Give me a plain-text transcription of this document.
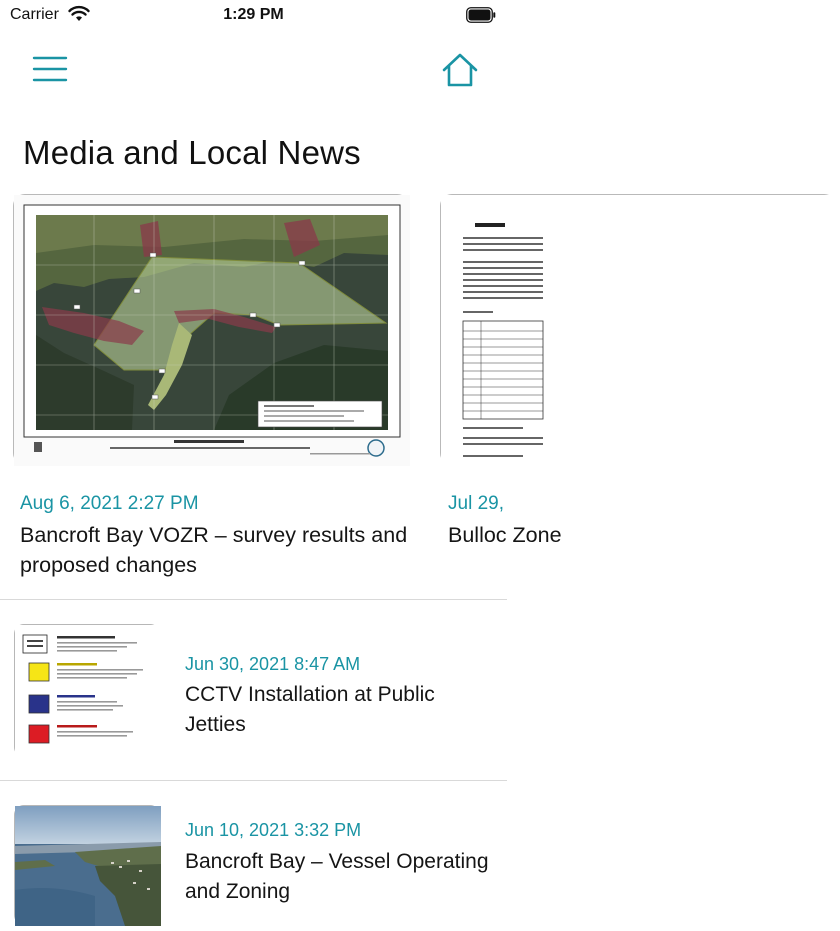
Carrier	1:29 PM
Media and Local News
Aug 6, 2021 2:27 PM
Bancroft Bay VOZR – survey results and proposed changes
Jul 29,
Bulloc Zone
Jun 30, 2021 8:47 AM
CCTV Installation at Public Jetties
Jun 10, 2021 3:32 PM
Bancroft Bay – Vessel Operating and Zoning
